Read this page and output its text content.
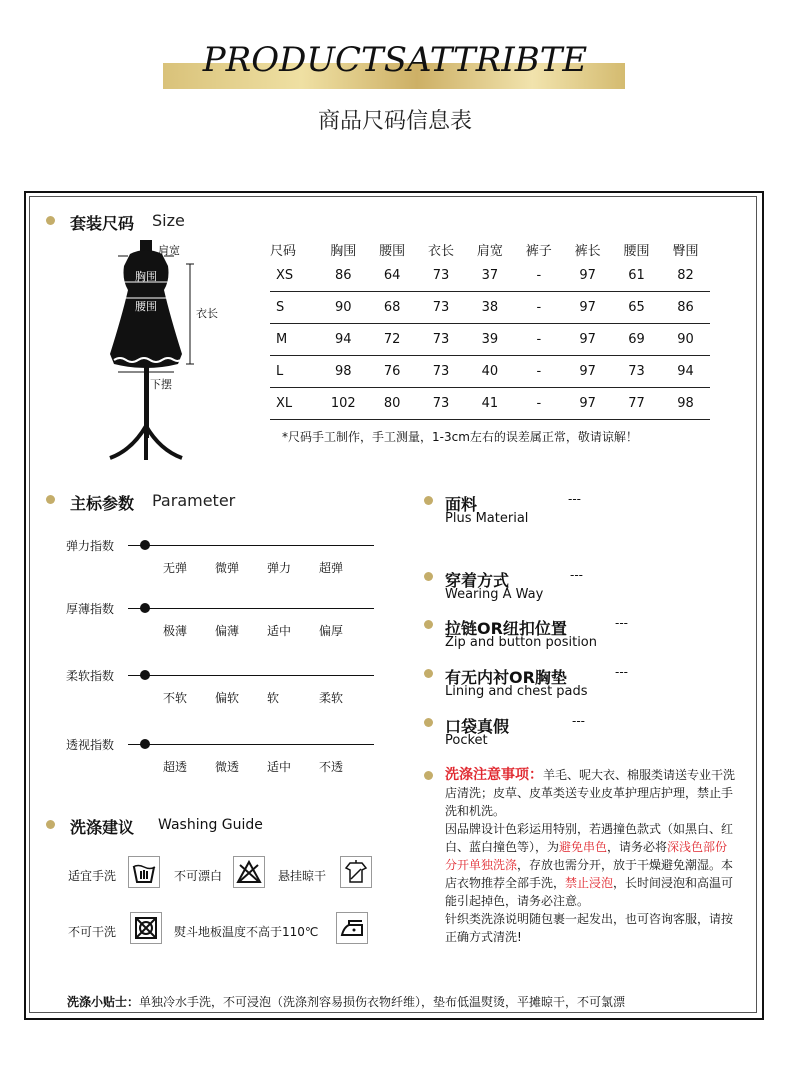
PRODUCTSATTRIBTE
商品尺码信息表
套装尺码 Size
肩宽
胸围
腰围
衣长
下摆
尺码	胸围	腰围	衣长	肩宽	裤子	裤长	腰围	臀围
XS	86	64	73	37	-	97	61	82
S	90	68	73	38	-	97	65	86
M	94	72	73	39	-	97	69	90
L	98	76	73	40	-	97	73	94
XL	102	80	73	41	-	97	77	98
*尺码手工制作，手工测量，1-3cm左右的误差属正常，敬请谅解！
主标参数 Parameter
弹力指数
无弹 微弹 弹力 超弹
厚薄指数
极薄 偏薄 适中 偏厚
柔软指数
不软 偏软 软	柔软
透视指数
超透 微透 适中 不透
洗涤建议 Washing Guide
适宜手洗	不可漂白	悬挂晾干
不可干洗	熨斗地板温度不高于110℃
面料	---
Plus Material
穿着方式	---
Wearing A Way
拉链OR纽扣位置	---
Zip and button position
有无内衬OR胸垫	---
Lining and chest pads
口袋真假	---
Pocket
洗涤注意事项：羊毛、呢大衣、棉服类请送专业干洗店清洗；皮草、皮革类送专业皮革护理店护理，禁止手洗和机洗。
因品牌设计色彩运用特别，若遇撞色款式（如黑白、红白、蓝白撞色等），为避免串色，请务必将深浅色部份分开单独洗涤，存放也需分开，放于干燥避免潮湿。本店衣物推荐全部手洗，禁止浸泡，长时间浸泡和高温可能引起掉色，请务必注意。
针织类洗涤说明随包裹一起发出，也可咨询客服，请按正确方式清洗!
洗涤小贴士：单独冷水手洗，不可浸泡（洗涤剂容易损伤衣物纤维），垫布低温熨烫，平摊晾干，不可氯漂
